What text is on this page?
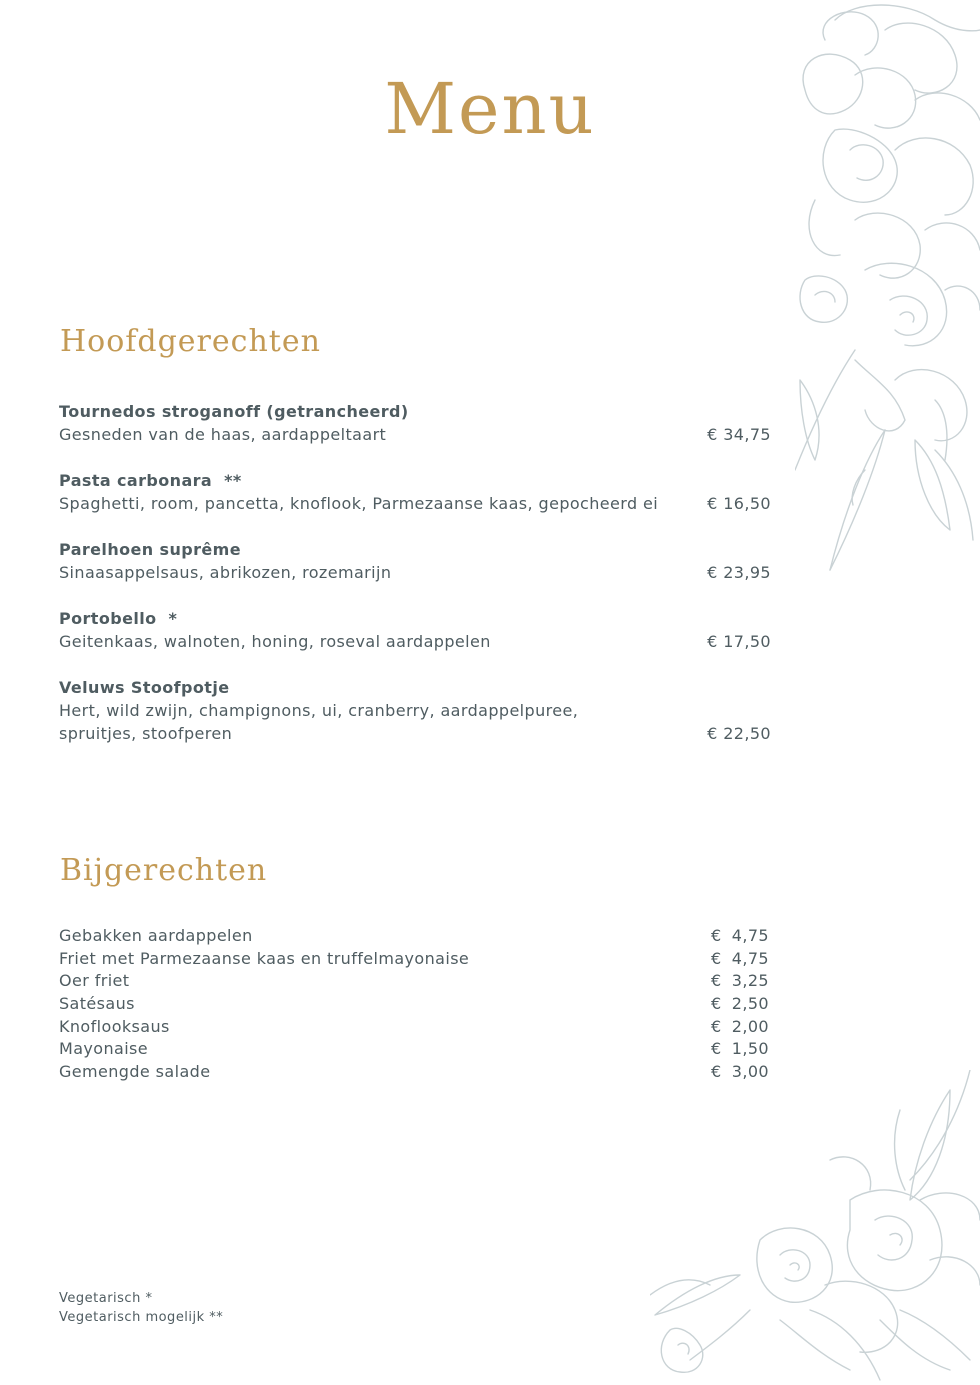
Menu
Hoofdgerechten
Tournedos stroganoff (getrancheerd)
Gesneden van de haas, aardappeltaart	€ 34,75
Pasta carbonara  **
Spaghetti, room, pancetta, knoflook, Parmezaanse kaas, gepocheerd ei	€ 16,50
Parelhoen suprême
Sinaasappelsaus, abrikozen, rozemarijn	€ 23,95
Portobello  *
Geitenkaas, walnoten, honing, roseval aardappelen	€ 17,50
Veluws Stoofpotje
Hert, wild zwijn, champignons, ui, cranberry, aardappelpuree, spruitjes, stoofperen	€ 22,50
Bijgerechten
Gebakken aardappelen	€ 4,75
Friet met Parmezaanse kaas en truffelmayonaise	€ 4,75
Oer friet	€ 3,25
Satésaus	€ 2,50
Knoflooksaus	€ 2,00
Mayonaise	€ 1,50
Gemengde salade	€ 3,00
Vegetarisch *
Vegetarisch mogelijk **
